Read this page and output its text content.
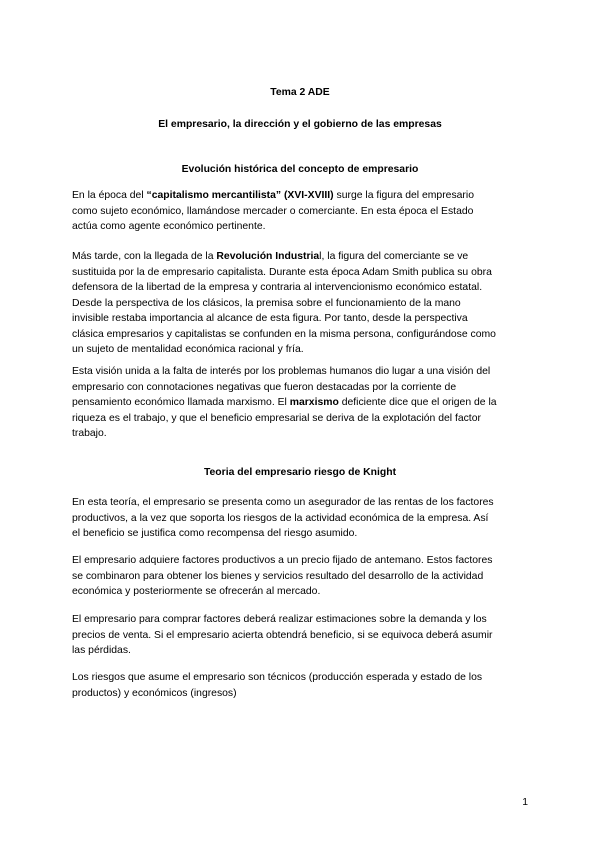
Tema 2 ADE
El empresario, la dirección y el gobierno de las empresas
Evolución histórica del concepto de empresario
En la época del “capitalismo mercantilista” (XVI-XVIII) surge la figura del empresario
como sujeto económico, llamándose mercader o comerciante. En esta época el Estado
actúa como agente económico pertinente.
Más tarde, con la llegada de la Revolución Industrial, la figura del comerciante se ve
sustituida por la de empresario capitalista. Durante esta época Adam Smith publica su obra
defensora de la libertad de la empresa y contraria al intervencionismo económico estatal.
Desde la perspectiva de los clásicos, la premisa sobre el funcionamiento de la mano
invisible restaba importancia al alcance de esta figura. Por tanto, desde la perspectiva
clásica empresarios y capitalistas se confunden en la misma persona, configurándose como
un sujeto de mentalidad económica racional y fría.
Esta visión unida a la falta de interés por los problemas humanos dio lugar a una visión del
empresario con connotaciones negativas que fueron destacadas por la corriente de
pensamiento económico llamada marxismo. El marxismo deficiente dice que el origen de la
riqueza es el trabajo, y que el beneficio empresarial se deriva de la explotación del factor
trabajo.
Teoria del empresario riesgo de Knight
En esta teoría, el empresario se presenta como un asegurador de las rentas de los factores
productivos, a la vez que soporta los riesgos de la actividad económica de la empresa. Así
el beneficio se justifica como recompensa del riesgo asumido.
El empresario adquiere factores productivos a un precio fijado de antemano. Estos factores
se combinaron para obtener los bienes y servicios resultado del desarrollo de la actividad
económica y posteriormente se ofrecerán al mercado.
El empresario para comprar factores deberá realizar estimaciones sobre la demanda y los
precios de venta. Si el empresario acierta obtendrá beneficio, si se equivoca deberá asumir
las pérdidas.
Los riesgos que asume el empresario son técnicos (producción esperada y estado de los
productos) y económicos (ingresos)
1
